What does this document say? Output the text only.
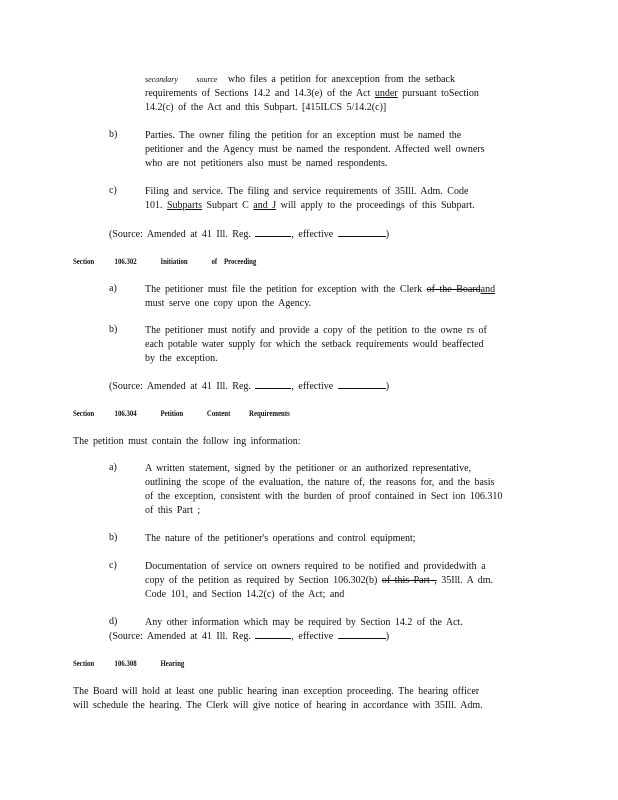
secondary source who files a petition for anexception from the setback
requirements of Sections 14.2 and 14.3(e) of the Act under pursuant toSection
14.2(c) of the Act and this Subpart. [415ILCS 5/14.2(c)]
b)	Parties. The owner filing the petition for an exception must be named the
petitioner and the Agency must be named the respondent. Affected well owners
who are not petitioners also must be named respondents.
c)	Filing and service. The filing and service requirements of 35Ill. Adm. Code
101. Subparts Subpart C and J will apply to the proceedings of this Subpart.
(Source: Amended at 41 Ill. Reg.	, effective	)
Section	106.302	Initiation	of Proceeding
a)	The petitioner must file the petition for exception with the Clerk of the Boardand
must serve one copy upon the Agency.
b)	The petitioner must notify and provide a copy of the petition to the owne rs of
each potable water supply for which the setback requirements would beaffected
by the exception.
(Source: Amended at 41 Ill. Reg.	, effective	)
Section	106.304	Petition	Content Requirements
The petition must contain the follow ing information:
a)	A written statement, signed by the petitioner or an authorized representative,
outlining the scope of the evaluation, the nature of, the reasons for, and the basis
of the exception, consistent with the burden of proof contained in Sect ion 106.310
of this Part ;
b)	The nature of the petitioner's operations and control equipment;
c)	Documentation of service on owners required to be notified and providedwith a
copy of the petition as required by Section 106.302(b) of this Part , 35Ill. A dm.
Code 101, and Section 14.2(c) of the Act; and
d)	Any other information which may be required by Section 14.2 of the Act.
(Source: Amended at 41 Ill. Reg.	, effective	)
Section	106.308	Hearing
The Board will hold at least one public hearing inan exception proceeding. The hearing officer
will schedule the hearing. The Clerk will give notice of hearing in accordance with 35Ill. Adm.
